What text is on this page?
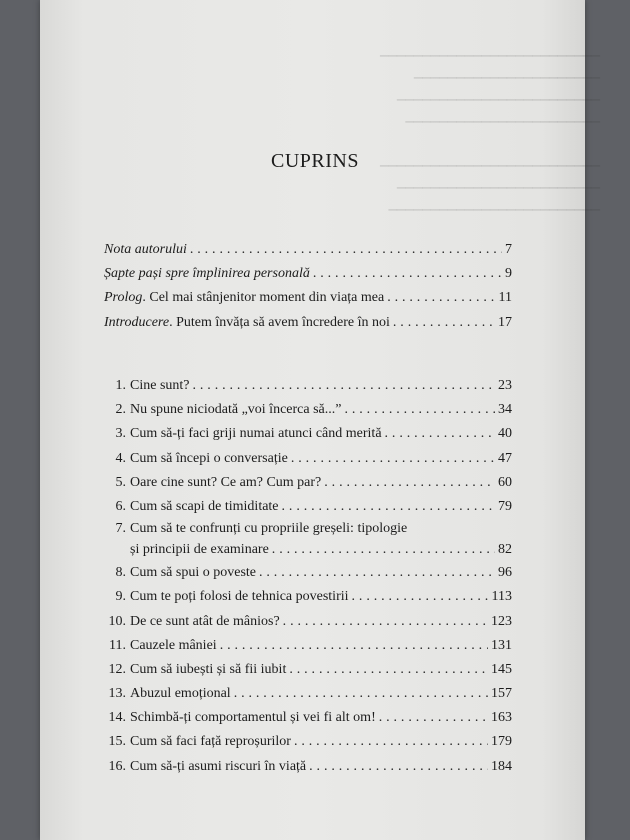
▁▁▁▁▁▁▁▁▁▁▁▁▁▁▁▁▁▁▁▁▁▁▁▁▁▁
▁▁▁▁▁▁▁▁▁▁▁▁▁▁▁▁▁▁▁▁▁▁
▁▁▁▁▁▁▁▁▁▁▁▁▁▁▁▁▁▁▁▁▁▁▁▁
▁▁▁▁▁▁▁▁▁▁▁▁▁▁▁▁▁▁▁▁▁▁▁

▁▁▁▁▁▁▁▁▁▁▁▁▁▁▁▁▁▁▁▁▁▁▁▁▁▁
▁▁▁▁▁▁▁▁▁▁▁▁▁▁▁▁▁▁▁▁▁▁▁▁
▁▁▁▁▁▁▁▁▁▁▁▁▁▁▁▁▁▁▁▁▁▁▁▁▁
CUPRINS
Nota autorului . . .	7
Șapte pași spre împlinirea personală . . .	9
Prolog. Cel mai stânjenitor moment din viața mea . . .	11
Introducere. Putem învăța să avem încredere în noi . . .	17
1. Cine sunt? . . .	23
2. Nu spune niciodată „voi încerca să...” . . .	34
3. Cum să-ți faci griji numai atunci când merită . . .	40
4. Cum să începi o conversație . . .	47
5. Oare cine sunt? Ce am? Cum par? . . .	60
6. Cum să scapi de timiditate . . .	79
7. Cum să te confrunți cu propriile greșeli: tipologie
și principii de examinare . . .	82
8. Cum să spui o poveste . . .	96
9. Cum te poți folosi de tehnica povestirii . . .	113
10. De ce sunt atât de mânios? . . .	123
11. Cauzele mâniei . . .	131
12. Cum să iubești și să fii iubit . . .	145
13. Abuzul emoțional . . .	157
14. Schimbă-ți comportamentul și vei fi alt om! . . .	163
15. Cum să faci față reproșurilor . . .	179
16. Cum să-ți asumi riscuri în viață . . .	184
